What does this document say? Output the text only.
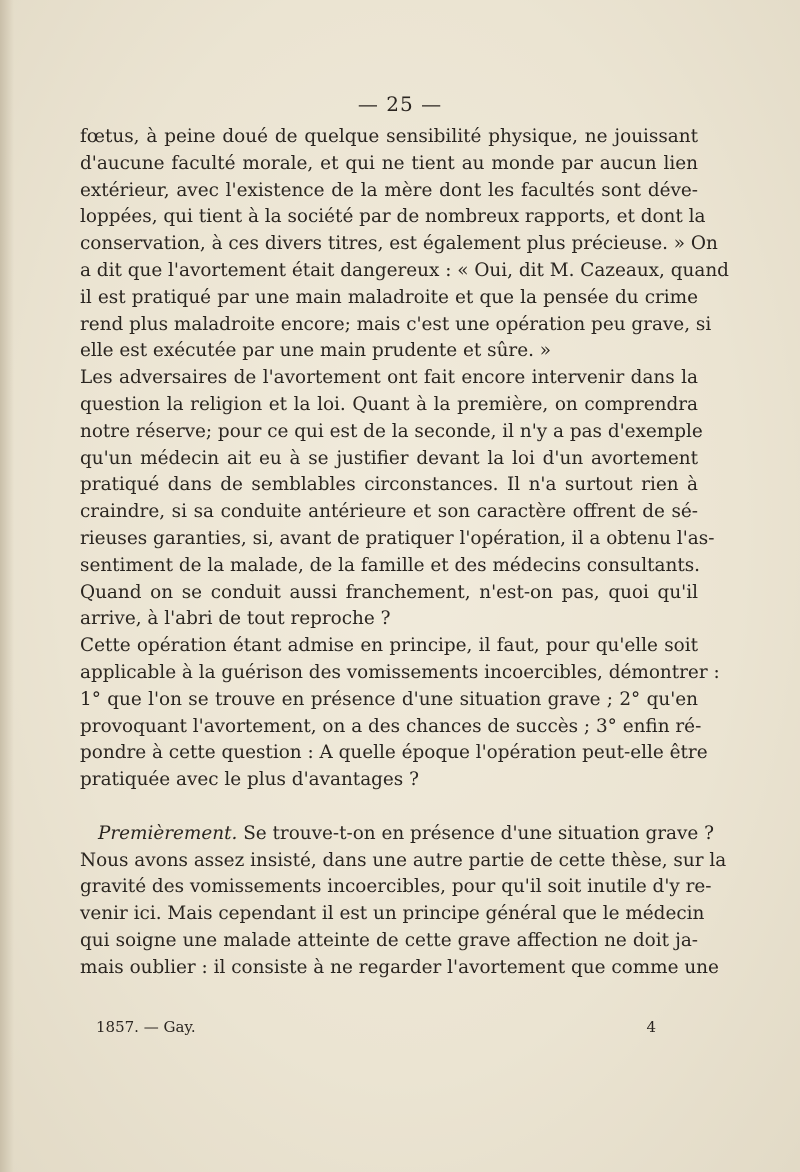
— 25 —
fœtus, à peine doué de quelque sensibilité physique, ne jouissant
d'aucune faculté morale, et qui ne tient au monde par aucun lien
extérieur, avec l'existence de la mère dont les facultés sont déve-
loppées, qui tient à la société par de nombreux rapports, et dont la
conservation, à ces divers titres, est également plus précieuse. » On
a dit que l'avortement était dangereux : « Oui, dit M. Cazeaux, quand
il est pratiqué par une main maladroite et que la pensée du crime
rend plus maladroite encore; mais c'est une opération peu grave, si
elle est exécutée par une main prudente et sûre. »
Les adversaires de l'avortement ont fait encore intervenir dans la
question la religion et la loi. Quant à la première, on comprendra
notre réserve; pour ce qui est de la seconde, il n'y a pas d'exemple
qu'un médecin ait eu à se justifier devant la loi d'un avortement
pratiqué dans de semblables circonstances. Il n'a surtout rien à
craindre, si sa conduite antérieure et son caractère offrent de sé-
rieuses garanties, si, avant de pratiquer l'opération, il a obtenu l'as-
sentiment de la malade, de la famille et des médecins consultants.
Quand on se conduit aussi franchement, n'est-on pas, quoi qu'il
arrive, à l'abri de tout reproche ?
Cette opération étant admise en principe, il faut, pour qu'elle soit
applicable à la guérison des vomissements incoercibles, démontrer :
1° que l'on se trouve en présence d'une situation grave ; 2° qu'en
provoquant l'avortement, on a des chances de succès ; 3° enfin ré-
pondre à cette question : A quelle époque l'opération peut-elle être
pratiquée avec le plus d'avantages ?
Premièrement. Se trouve-t-on en présence d'une situation grave ?
Nous avons assez insisté, dans une autre partie de cette thèse, sur la
gravité des vomissements incoercibles, pour qu'il soit inutile d'y re-
venir ici. Mais cependant il est un principe général que le médecin
qui soigne une malade atteinte de cette grave affection ne doit ja-
mais oublier : il consiste à ne regarder l'avortement que comme une
1857. — Gay.	4
